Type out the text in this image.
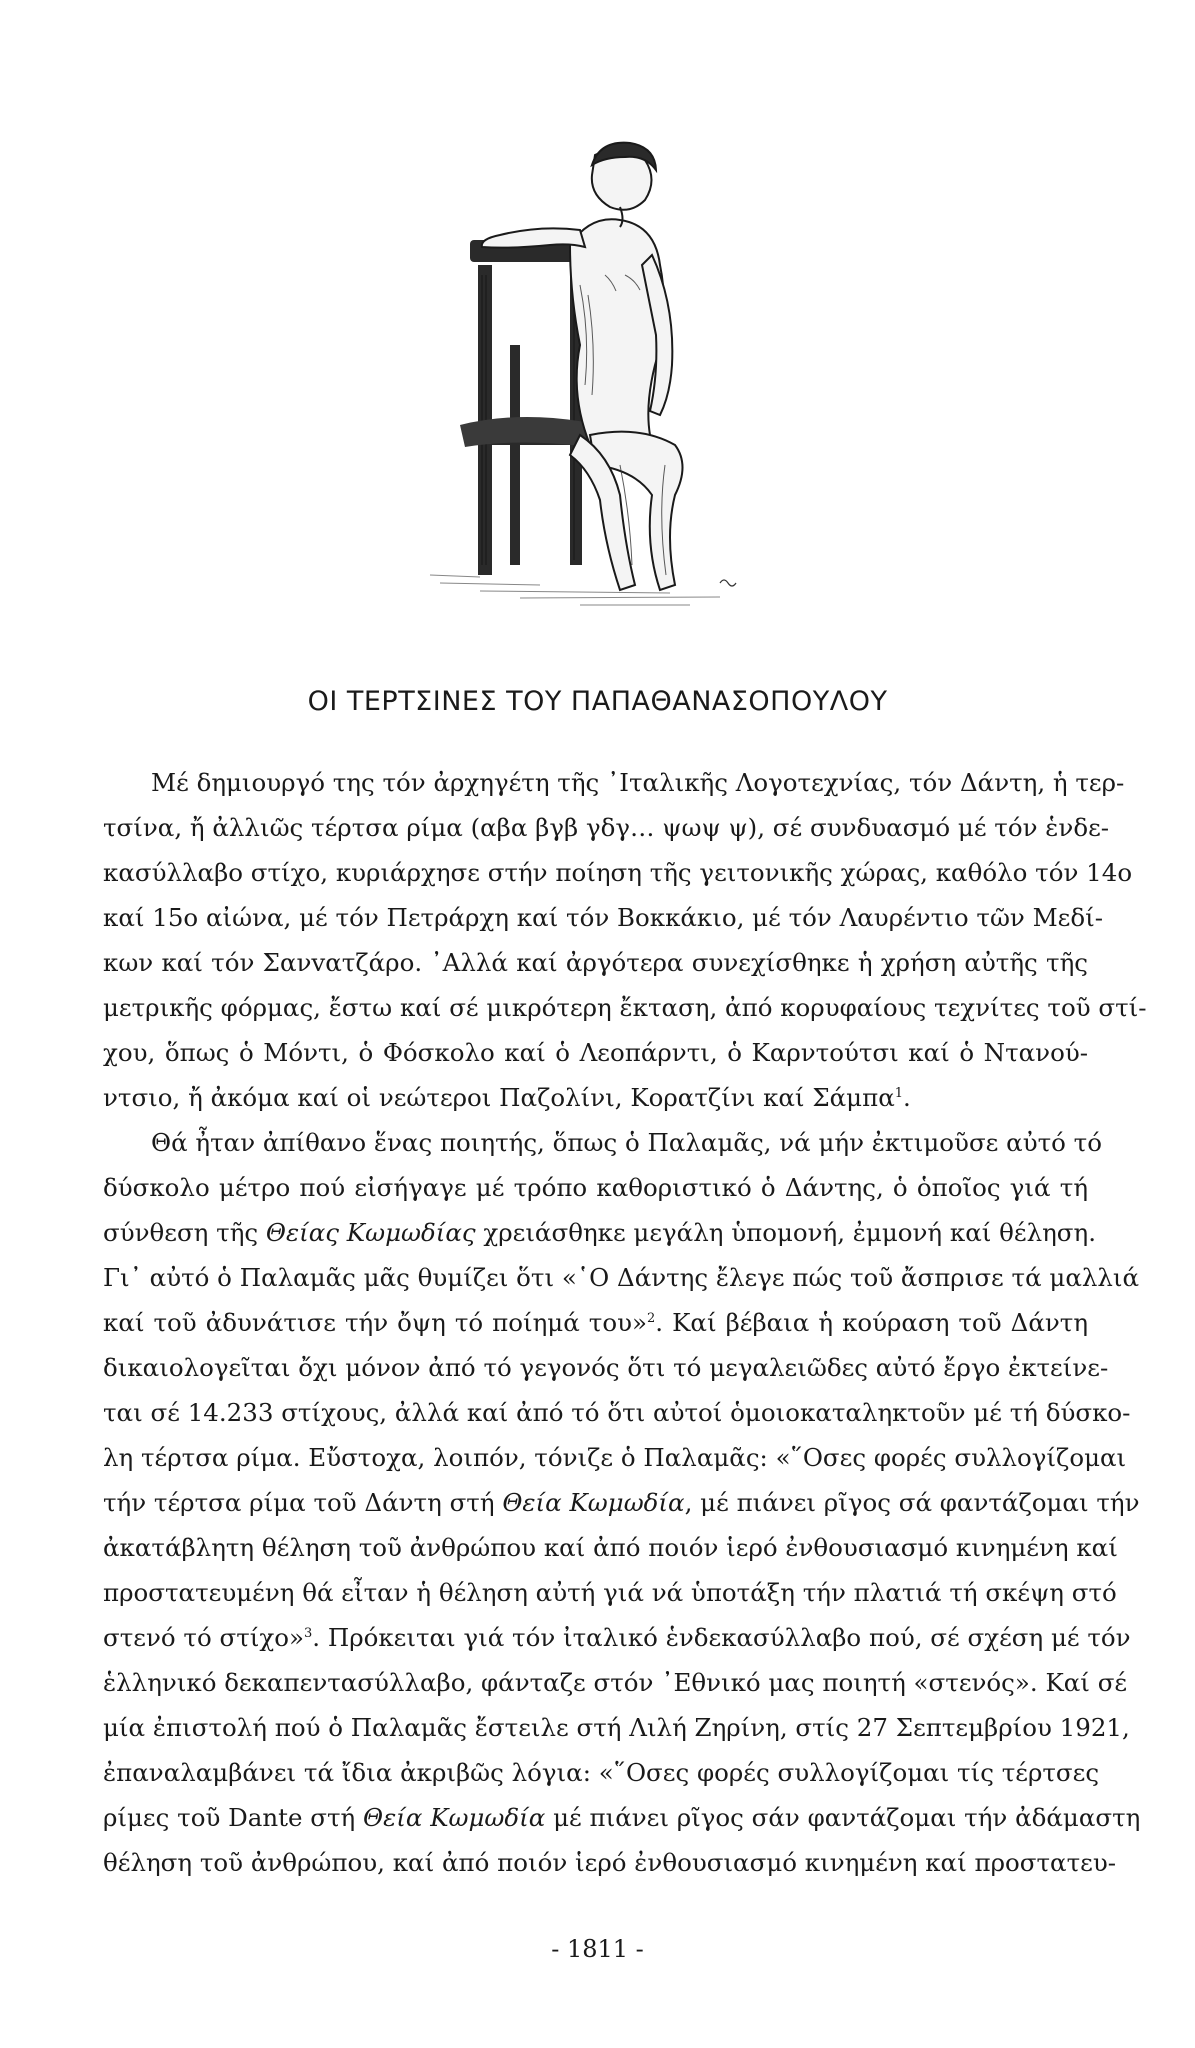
ΟΙ ΤΕΡΤΣΙΝΕΣ ΤΟΥ ΠΑΠΑΘΑΝΑΣΟΠΟΥΛΟΥ
Μέ δημιουργό της τόν ἀρχηγέτη τῆς ᾿Ιταλικῆς Λογοτεχνίας, τόν Δάντη, ἡ τερ-
τσίνα, ἤ ἀλλιῶς τέρτσα ρίμα (αβα βγβ γδγ… ψωψ ψ), σέ συνδυασμό μέ τόν ἑνδε-
κασύλλαβο στίχο, κυριάρχησε στήν ποίηση τῆς γειτονικῆς χώρας, καθόλο τόν 14ο
καί 15ο αἰώνα, μέ τόν Πετράρχη καί τόν Βοκκάκιο, μέ τόν Λαυρέντιο τῶν Μεδί-
κων καί τόν Σανvατζάρο. ᾿Αλλά καί ἀργότερα συνεχίσθηκε ἡ χρήση αὐτῆς τῆς
μετρικῆς φόρμας, ἔστω καί σέ μικρότερη ἔκταση, ἀπό κορυφαίους τεχνίτες τοῦ στί-
χου, ὅπως ὁ Μόντι, ὁ Φόσκολο καί ὁ Λεοπάρντι, ὁ Καρντούτσι καί ὁ Ντανού-
ντσιο, ἤ ἀκόμα καί οἱ νεώτεροι Παζολίνι, Κορατζίνι καί Σάμπα$^1$.
Θά ἦταν ἀπίθανο ἕνας ποιητής, ὅπως ὁ Παλαμᾶς, νά μήν ἐκτιμοῦσε αὐτό τό
δύσκολο μέτρο πού εἰσήγαγε μέ τρόπο καθοριστικό ὁ Δάντης, ὁ ὁποῖος γιά τή
σύνθεση τῆς Θείας Κωμωδίας χρειάσθηκε μεγάλη ὑπομονή, ἐμμονή καί θέληση.
Γι᾿ αὐτό ὁ Παλαμᾶς μᾶς θυμίζει ὅτι «῾Ο Δάντης ἔλεγε πώς τοῦ ἄσπρισε τά μαλλιά
καί τοῦ ἀδυνάτισε τήν ὄψη τό ποίημά του»$^2$. Καί βέβαια ἡ κούραση τοῦ Δάντη
δικαιολογεῖται ὄχι μόνον ἀπό τό γεγονός ὅτι τό μεγαλειῶδες αὐτό ἔργο ἐκτείνε-
ται σέ 14.233 στίχους, ἀλλά καί ἀπό τό ὅτι αὐτοί ὁμοιοκαταληκτοῦν μέ τή δύσκο-
λη τέρτσα ρίμα. Εὔστοχα, λοιπόν, τόνιζε ὁ Παλαμᾶς: «῞Οσες φορές συλλογίζομαι
τήν τέρτσα ρίμα τοῦ Δάντη στή Θεία Κωμωδία, μέ πιάνει ρῖγος σά φαντάζομαι τήν
ἀκατάβλητη θέληση τοῦ ἀνθρώπου καί ἀπό ποιόν ἱερό ἐνθουσιασμό κινημένη καί
προστατευμένη θά εἶταν ἡ θέληση αὐτή γιά νά ὑποτάξη τήν πλατιά τή σκέψη στό
στενό τό στίχο»$^3$. Πρόκειται γιά τόν ἰταλικό ἑνδεκασύλλαβο πού, σέ σχέση μέ τόν
ἑλληνικό δεκαπεντασύλλαβο, φάνταζε στόν ᾿Εθνικό μας ποιητή «στενός». Καί σέ
μία ἐπιστολή πού ὁ Παλαμᾶς ἔστειλε στή Λιλή Ζηρίνη, στίς 27 Σεπτεμβρίου 1921,
ἐπαναλαμβάνει τά ἴδια ἀκριβῶς λόγια: «῞Οσες φορές συλλογίζομαι τίς τέρτσες
ρίμες τοῦ Dante στή Θεία Κωμωδία μέ πιάνει ρῖγος σάν φαντάζομαι τήν ἀδάμαστη
θέληση τοῦ ἀνθρώπου, καί ἀπό ποιόν ἱερό ἐνθουσιασμό κινημένη καί προστατευ-
- 1811 -
